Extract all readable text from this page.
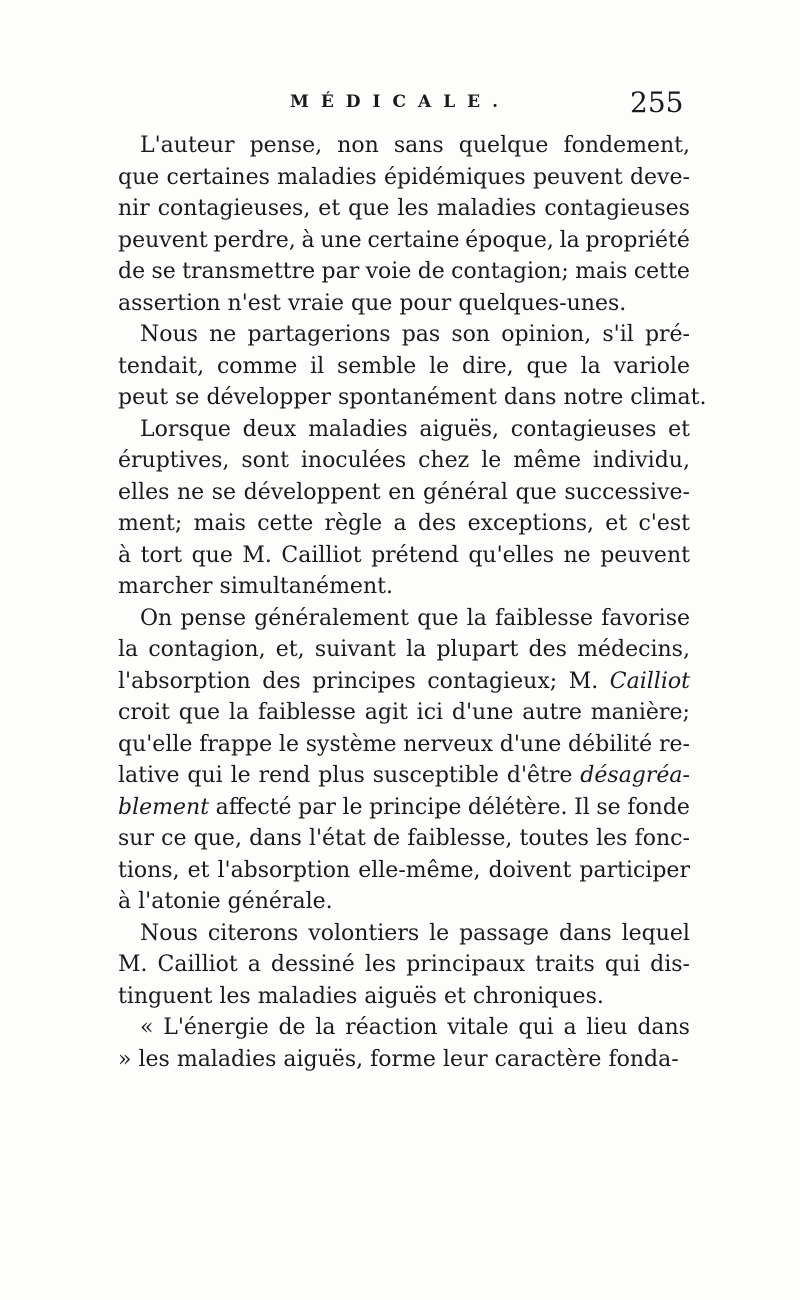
MÉDICALE.	255
L'auteur pense, non sans quelque fondement,
que certaines maladies épidémiques peuvent deve-
nir contagieuses, et que les maladies contagieuses
peuvent perdre, à une certaine époque, la propriété
de se transmettre par voie de contagion; mais cette
assertion n'est vraie que pour quelques-unes.
Nous ne partagerions pas son opinion, s'il pré-
tendait, comme il semble le dire, que la variole
peut se développer spontanément dans notre climat.
Lorsque deux maladies aiguës, contagieuses et
éruptives, sont inoculées chez le même individu,
elles ne se développent en général que successive-
ment; mais cette règle a des exceptions, et c'est
à tort que M. Cailliot prétend qu'elles ne peuvent
marcher simultanément.
On pense généralement que la faiblesse favorise
la contagion, et, suivant la plupart des médecins,
l'absorption des principes contagieux; M. Cailliot
croit que la faiblesse agit ici d'une autre manière;
qu'elle frappe le système nerveux d'une débilité re-
lative qui le rend plus susceptible d'être désagréa-
blement affecté par le principe délétère. Il se fonde
sur ce que, dans l'état de faiblesse, toutes les fonc-
tions, et l'absorption elle-même, doivent participer
à l'atonie générale.
Nous citerons volontiers le passage dans lequel
M. Cailliot a dessiné les principaux traits qui dis-
tinguent les maladies aiguës et chroniques.
« L'énergie de la réaction vitale qui a lieu dans
» les maladies aiguës, forme leur caractère fonda-
